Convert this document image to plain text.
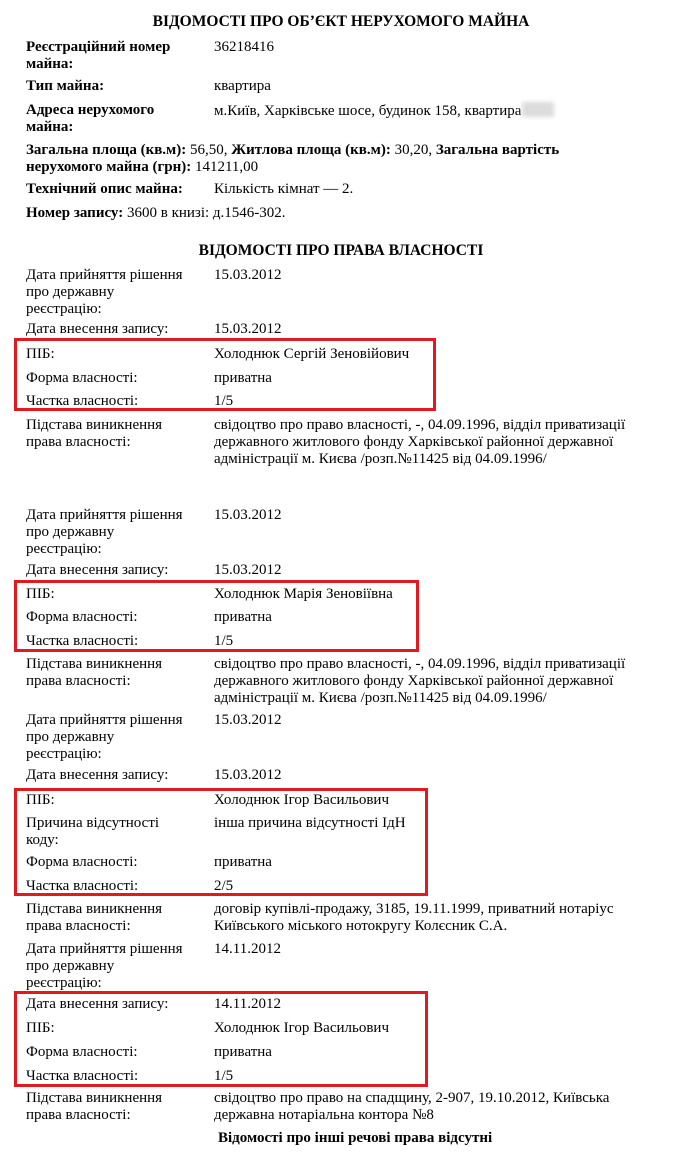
ВІДОМОСТІ ПРО ОБ’ЄКТ НЕРУХОМОГО МАЙНА
Реєстраційний номер
майна:
36218416
Тип майна:	квартира
Адреса нерухомого
майна:
м.Київ, Харківське шосе, будинок 158, квартира
Загальна площа (кв.м): 56,50, Житлова площа (кв.м): 30,20, Загальна вартість
нерухомого майна (грн): 141211,00
Технічний опис майна: Кількість кімнат — 2.
Номер запису: 3600 в книзі: д.1546-302.
ВІДОМОСТІ ПРО ПРАВА ВЛАСНОСТІ
Дата прийняття рішення
про державну
реєстрацію:
15.03.2012
Дата внесення запису:	15.03.2012
ПІБ:	Холоднюк Сергій Зеновійович
Форма власності:	приватна
Частка власності:	1/5
Підстава виникнення
права власності:
свідоцтво про право власності, -, 04.09.1996, відділ приватизації
державного житлового фонду Харківської районної державної
адміністрації м. Києва /розп.№11425 від 04.09.1996/
Дата прийняття рішення
про державну
реєстрацію:
15.03.2012
Дата внесення запису:	15.03.2012
ПІБ:	Холоднюк Марія Зеновіївна
Форма власності:	приватна
Частка власності:	1/5
Підстава виникнення
права власності:
свідоцтво про право власності, -, 04.09.1996, відділ приватизації
державного житлового фонду Харківської районної державної
адміністрації м. Києва /розп.№11425 від 04.09.1996/
Дата прийняття рішення
про державну
реєстрацію:
15.03.2012
Дата внесення запису:	15.03.2012
ПІБ:	Холоднюк Ігор Васильович
Причина відсутності
коду:
інша причина відсутності ІдН
Форма власності:	приватна
Частка власності:	2/5
Підстава виникнення
права власності:
договір купівлі-продажу, 3185, 19.11.1999, приватний нотаріус
Київського міського нотокругу Колєсник С.А.
Дата прийняття рішення
про державну
реєстрацію:
14.11.2012
Дата внесення запису:	14.11.2012
ПІБ:	Холоднюк Ігор Васильович
Форма власності:	приватна
Частка власності:	1/5
Підстава виникнення
права власності:
свідоцтво про право на спадщину, 2-907, 19.10.2012, Київська
державна нотаріальна контора №8
Відомості про інші речові права відсутні
